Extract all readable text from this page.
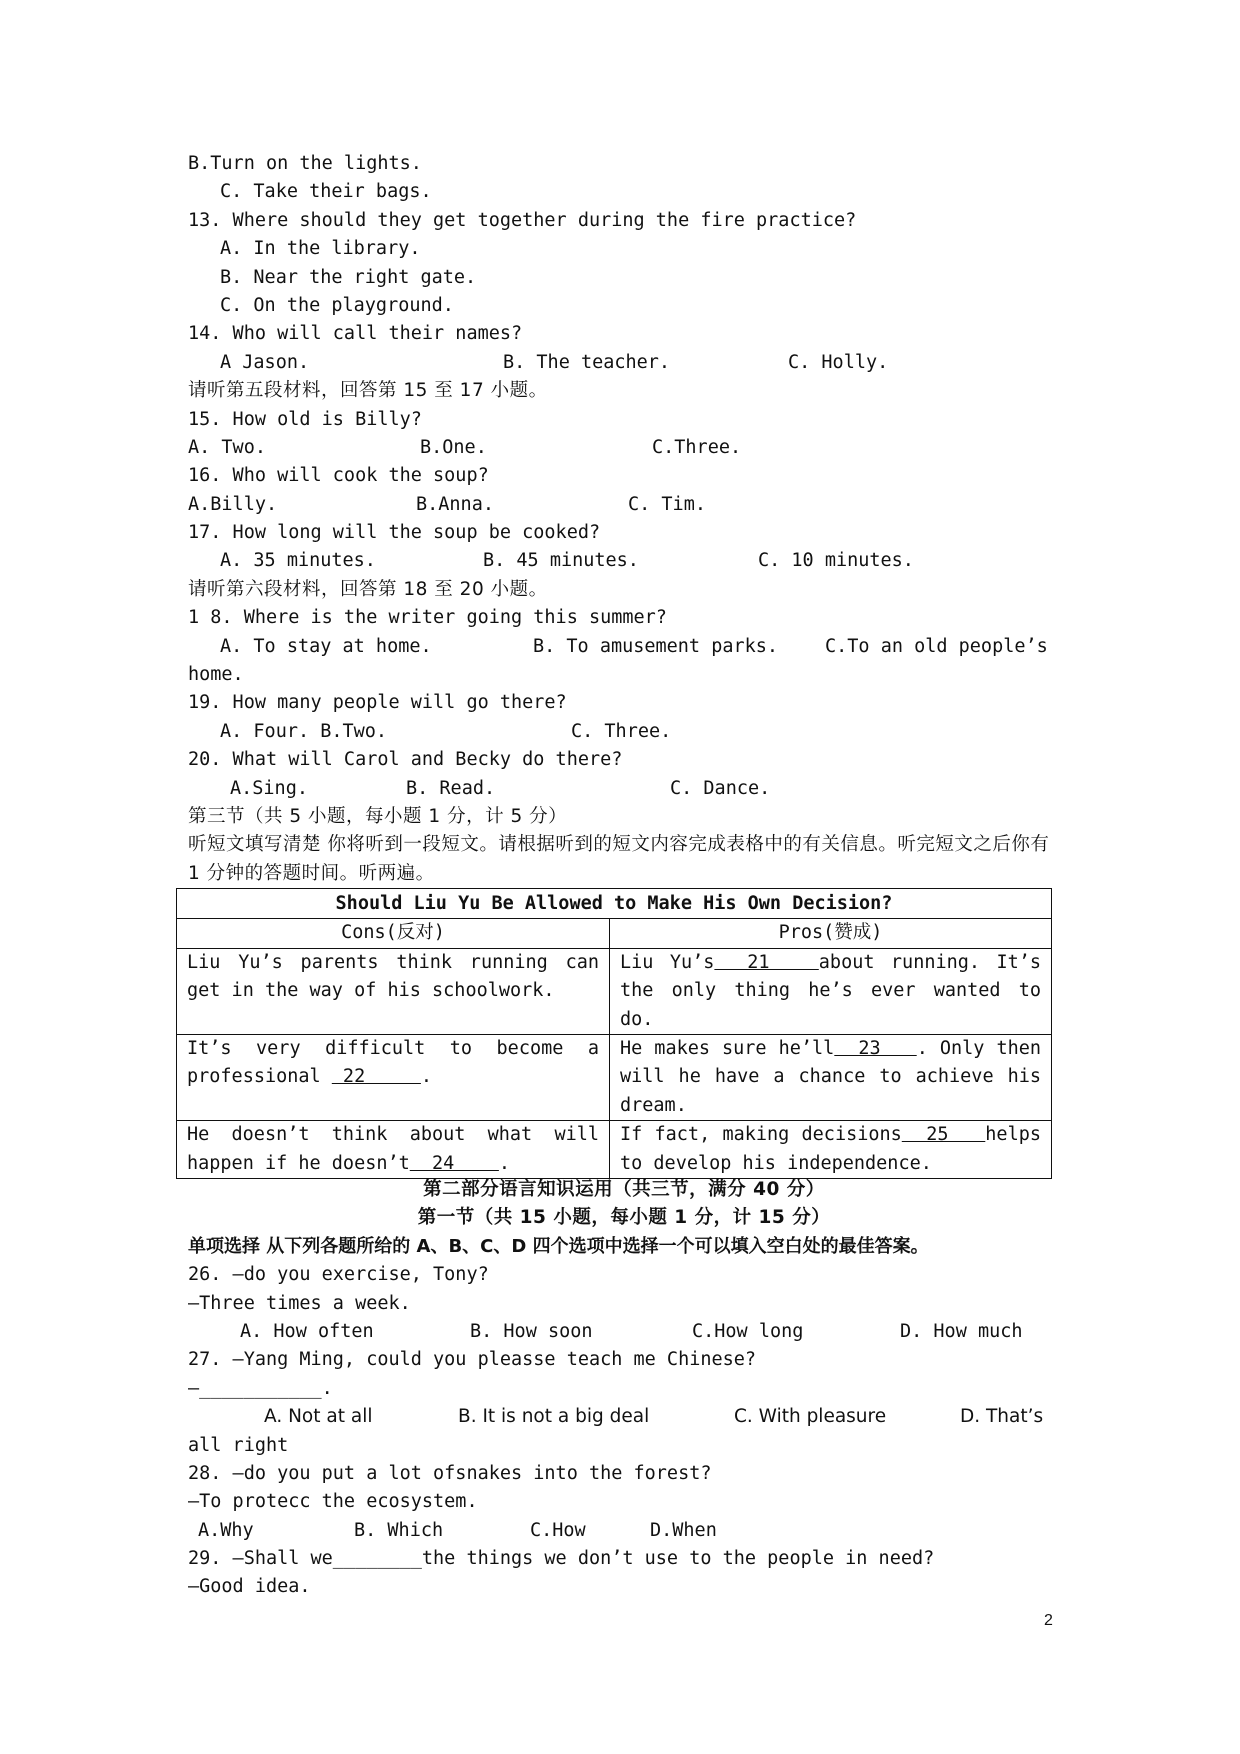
B.Turn on the lights.
C. Take their bags.
13. Where should they get together during the fire practice?
A. In the library.
B. Near the right gate.
C. On the playground.
14. Who will call their names?
A Jason.	B. The teacher.	C. Holly.
请听第五段材料，回答第 15 至 17 小题。
15. How old is Billy?
A. Two.	B.One.	C.Three.
16. Who will cook the soup?
A.Billy.	B.Anna.	C. Tim.
17. How long will the soup be cooked?
A. 35 minutes.	B. 45 minutes.	C. 10 minutes.
请听第六段材料，回答第 18 至 20 小题。
1 8. Where is the writer going this summer?
A. To stay at home.	B. To amusement parks.	C.To an old people’s
home.
19. How many people will go there?
A. Four. B.Two.	C. Three.
20. What will Carol and Becky do there?
A.Sing.	B. Read.	C. Dance.
第三节（共 5 小题，每小题 1 分，计 5 分）
听短文填写清楚 你将听到一段短文。请根据听到的短文内容完成表格中的有关信息。听完短文之后你有 1 分钟的答题时间。听两遍。
Should Liu Yu Be Allowed to Make His Own Decision?	
Cons(反对)	Pros(赞成)
Liu Yu’s parents think running can get in the way of his schoolwork.	Liu Yu’s  21   about running. It’s the only thing he’s ever wanted to do.
It’s very difficult to become a professional  22     .	He makes sure he’ll  23   . Only then will he have a chance to achieve his dream.
He doesn’t think about what will happen if he doesn’t  24    .	If fact, making decisions  25   helps to develop his independence.
第二部分语言知识运用（共三节，满分 40 分）
第一节（共 15 小题，每小题 1 分，计 15 分）
单项选择 从下列各题所给的 A、B、C、D 四个选项中选择一个可以填入空白处的最佳答案。
26. —do you exercise, Tony?
—Three times a week.
A. How often	B. How soon	C.How long	D. How much
27. —Yang Ming, could you pleasse teach me Chinese?
—___________.
A. Not at all	B. It is not a big deal	C. With pleasure	D. That’s
all right
28. —do you put a lot ofsnakes into the forest?
—To protecc the ecosystem.
A.Why	B. Which	C.How	D.When
29. —Shall we________the things we don’t use to the people in need?
—Good idea.
2
